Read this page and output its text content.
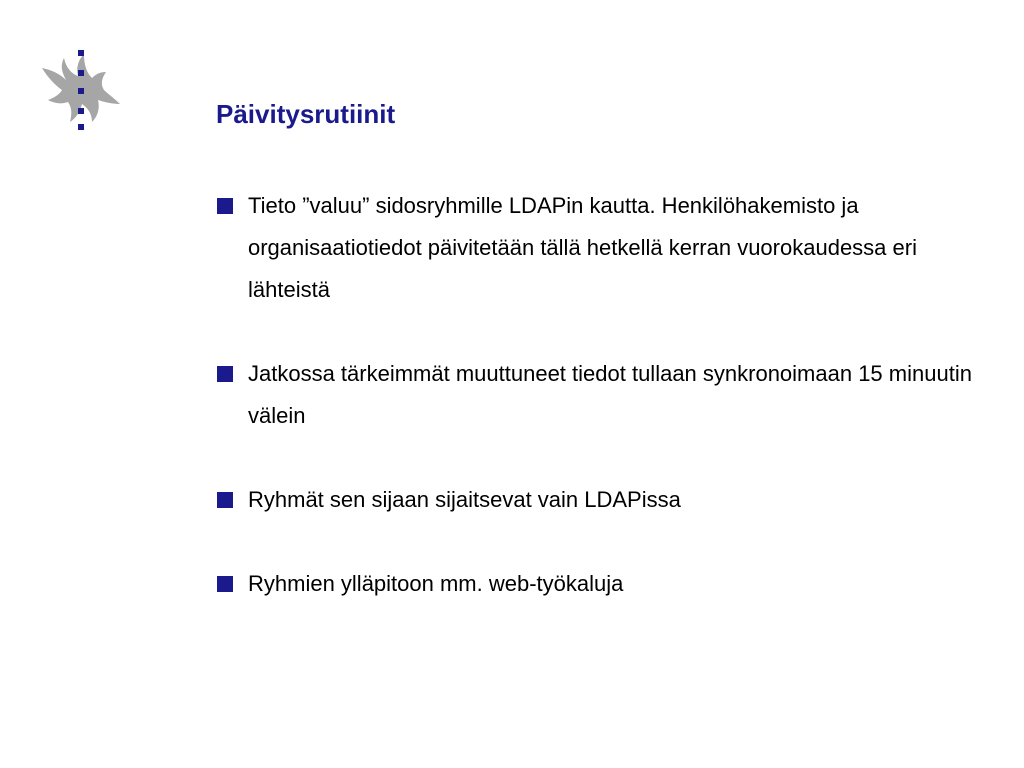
Päivitysrutiinit
Tieto ”valuu” sidosryhmille LDAPin kautta. Henkilöhakemisto ja organisaatiotiedot päivitetään tällä hetkellä kerran vuorokaudessa eri lähteistä
Jatkossa tärkeimmät muuttuneet tiedot tullaan synkronoimaan 15 minuutin välein
Ryhmät sen sijaan sijaitsevat vain LDAPissa
Ryhmien ylläpitoon mm. web-työkaluja
